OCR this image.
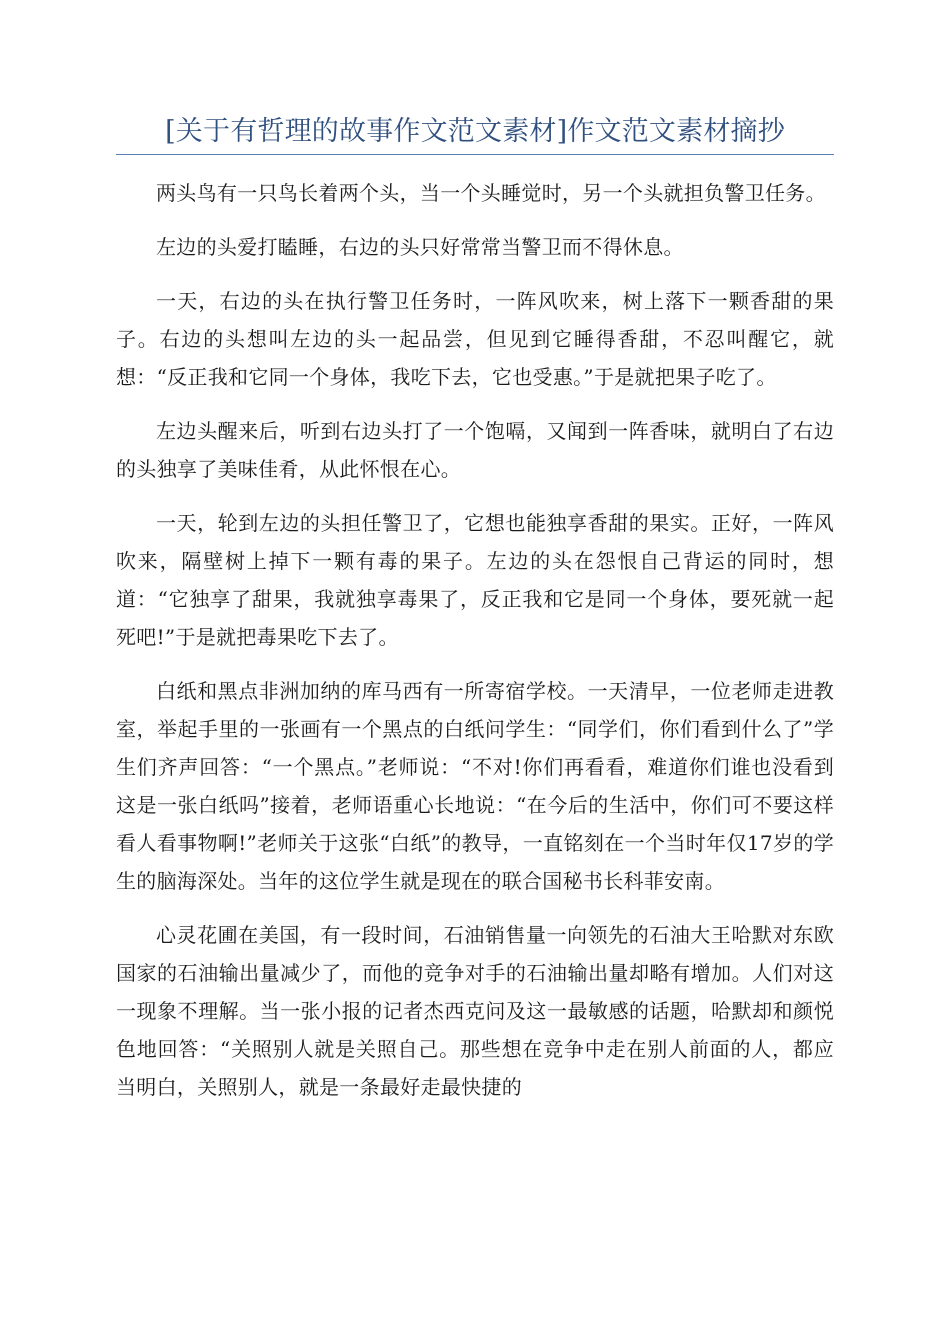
[关于有哲理的故事作文范文素材]作文范文素材摘抄

两头鸟有一只鸟长着两个头，当一个头睡觉时，另一个头就担负警卫任务。

左边的头爱打瞌睡，右边的头只好常常当警卫而不得休息。

一天，右边的头在执行警卫任务时，一阵风吹来，树上落下一颗香甜的果子。右边的头想叫左边的头一起品尝，但见到它睡得香甜，不忍叫醒它，就想：“反正我和它同一个身体，我吃下去，它也受惠。”于是就把果子吃了。

左边头醒来后，听到右边头打了一个饱嗝，又闻到一阵香味，就明白了右边的头独享了美味佳肴，从此怀恨在心。

一天，轮到左边的头担任警卫了，它想也能独享香甜的果实。正好，一阵风吹来，隔壁树上掉下一颗有毒的果子。左边的头在怨恨自己背运的同时，想道：“它独享了甜果，我就独享毒果了，反正我和它是同一个身体，要死就一起死吧!”于是就把毒果吃下去了。

白纸和黑点非洲加纳的库马西有一所寄宿学校。一天清早，一位老师走进教室，举起手里的一张画有一个黑点的白纸问学生：“同学们，你们看到什么了”学生们齐声回答：“一个黑点。”老师说：“不对!你们再看看，难道你们谁也没看到这是一张白纸吗”接着，老师语重心长地说：“在今后的生活中，你们可不要这样看人看事物啊!”老师关于这张“白纸”的教导，一直铭刻在一个当时年仅17岁的学生的脑海深处。当年的这位学生就是现在的联合国秘书长科菲安南。

心灵花圃在美国，有一段时间，石油销售量一向领先的石油大王哈默对东欧国家的石油输出量减少了，而他的竞争对手的石油输出量却略有增加。人们对这一现象不理解。当一张小报的记者杰西克问及这一最敏感的话题，哈默却和颜悦色地回答：“关照别人就是关照自己。那些想在竞争中走在别人前面的人，都应当明白，关照别人，就是一条最好走最快捷的
